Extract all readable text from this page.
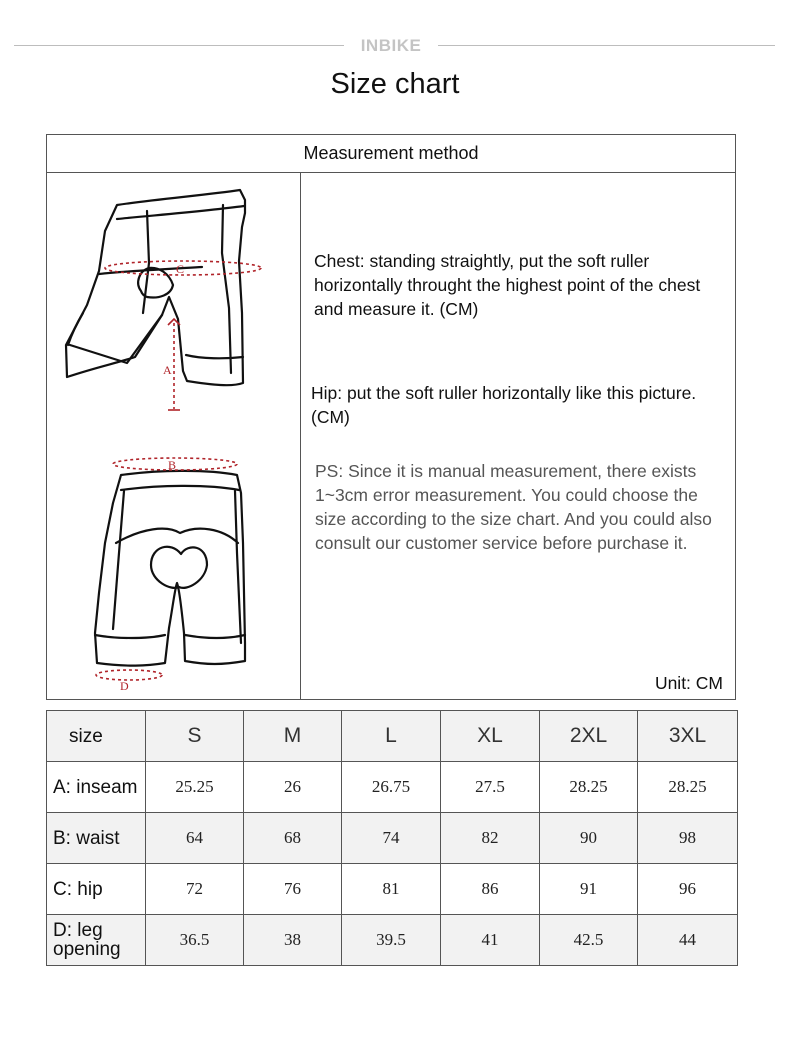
INBIKE
Size chart
Measurement method
C
A
B
D
Chest: standing straightly, put the soft ruller horizontally throught the highest point of the chest and measure it. (CM)
Hip: put the soft ruller horizontally like this picture. (CM)
PS: Since it is manual measurement, there exists 1~3cm error measurement. You could choose the size according to the size chart. And you could also consult our customer service before purchase it.
Unit: CM
size	S	M	L	XL	2XL	3XL
A: inseam	25.25	26	26.75	27.5	28.25	28.25
B: waist	64	68	74	82	90	98
C: hip	72	76	81	86	91	96
D: leg opening	36.5	38	39.5	41	42.5	44
